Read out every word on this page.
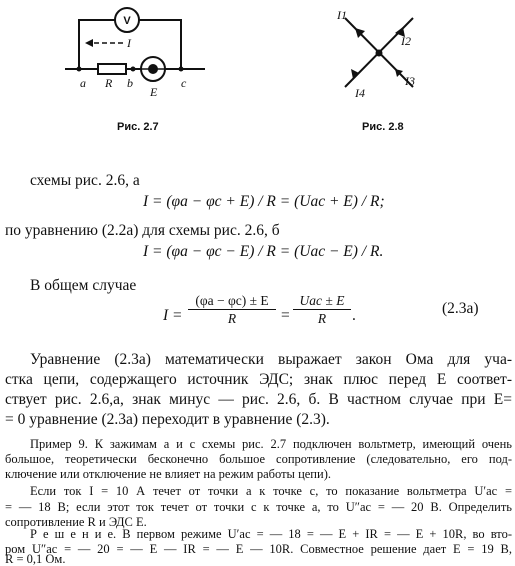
V
I
a R b
E
c
Рис. 2.7
I1
I2
I3
I4
Рис. 2.8
схемы рис. 2.6, а
I = (φa − φc + E) / R = (Uac + E) / R;
по уравнению (2.2а) для схемы рис. 2.6, б
I = (φa − φc − E) / R = (Uac − E) / R.
В общем случае
$I = \frac{(\varphi a - \varphi c) \pm E}{R}$ =
Uac ± E
R	.	(2.3а)
Уравнение (2.3а) математически выражает закон Ома для уча-
стка цепи, содержащего источник ЭДС; знак плюс перед E соответ-
ствует рис. 2.6,а, знак минус — рис. 2.6, б. В частном случае при E=
= 0 уравнение (2.3а) переходит в уравнение (2.3).
Пример 9. К зажимам а и с схемы рис. 2.7 подключен вольтметр, имеющий очень
большое, теоретически бесконечно большое сопротивление (следовательно, его под-
ключение или отключение не влияет на режим работы цепи).
Если ток I = 10 А течет от точки а к точке с, то показание вольтметра U′ac =
= — 18 В; если этот ток течет от точки с к точке а, то U″ac = — 20 В. Определить
сопротивление R и ЭДС E.
Р е ш е н и е. В первом режиме U′ac = — 18 = — E + IR = — E + 10R, во вто-
ром U″ac = — 20 = — E — IR = — E — 10R. Совместное решение дает E = 19 В,
R = 0,1 Ом.
